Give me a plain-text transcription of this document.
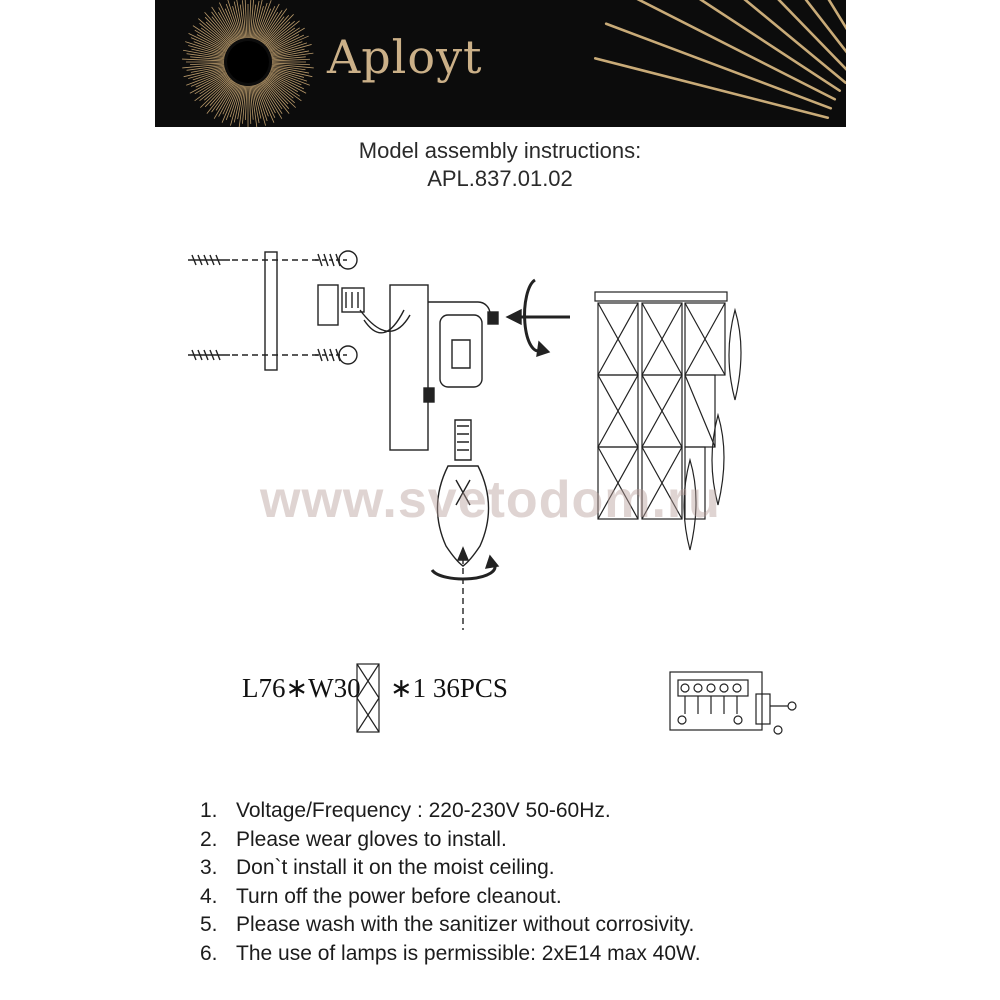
Aployt
Model assembly instructions:
APL.837.01.02
www.svetodom.ru
L76∗W30 ∗1 36PCS
1. Voltage/Frequency : 220-230V 50-60Hz.
2. Please wear gloves to install.
3. Don`t install it on the moist ceiling.
4. Turn off the power before cleanout.
5. Please wash with the sanitizer without corrosivity.
6. The use of lamps is permissible: 2xE14 max 40W.
